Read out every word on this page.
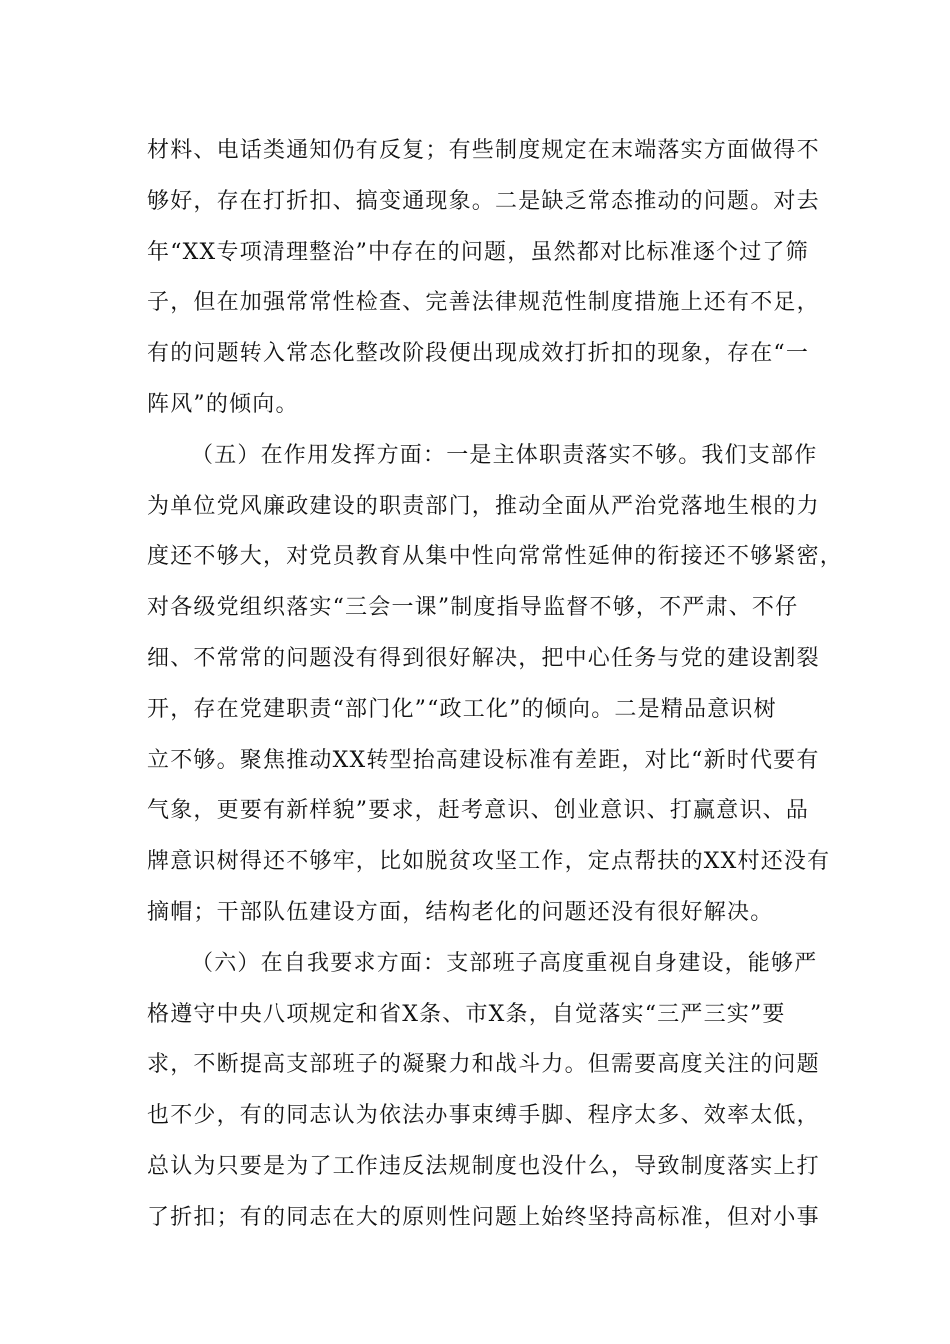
材料、电话类通知仍有反复；有些制度规定在末端落实方面做得不
够好，存在打折扣、搞变通现象。二是缺乏常态推动的问题。对去
年“XX专项清理整治”中存在的问题，虽然都对比标准逐个过了筛
子，但在加强常常性检查、完善法律规范性制度措施上还有不足，
有的问题转入常态化整改阶段便出现成效打折扣的现象，存在“一
阵风”的倾向。
（五）在作用发挥方面：一是主体职责落实不够。我们支部作
为单位党风廉政建设的职责部门，推动全面从严治党落地生根的力
度还不够大，对党员教育从集中性向常常性延伸的衔接还不够紧密，
对各级党组织落实“三会一课”制度指导监督不够，不严肃、不仔
细、不常常的问题没有得到很好解决，把中心任务与党的建设割裂
开，存在党建职责“部门化”“政工化”的倾向。二是精品意识树
立不够。聚焦推动XX转型抬高建设标准有差距，对比“新时代要有
气象，更要有新样貌”要求，赶考意识、创业意识、打赢意识、品
牌意识树得还不够牢，比如脱贫攻坚工作，定点帮扶的XX村还没有
摘帽；干部队伍建设方面，结构老化的问题还没有很好解决。
（六）在自我要求方面：支部班子高度重视自身建设，能够严
格遵守中央八项规定和省X条、市X条，自觉落实“三严三实”要
求，不断提高支部班子的凝聚力和战斗力。但需要高度关注的问题
也不少，有的同志认为依法办事束缚手脚、程序太多、效率太低，
总认为只要是为了工作违反法规制度也没什么，导致制度落实上打
了折扣；有的同志在大的原则性问题上始终坚持高标准，但对小事
